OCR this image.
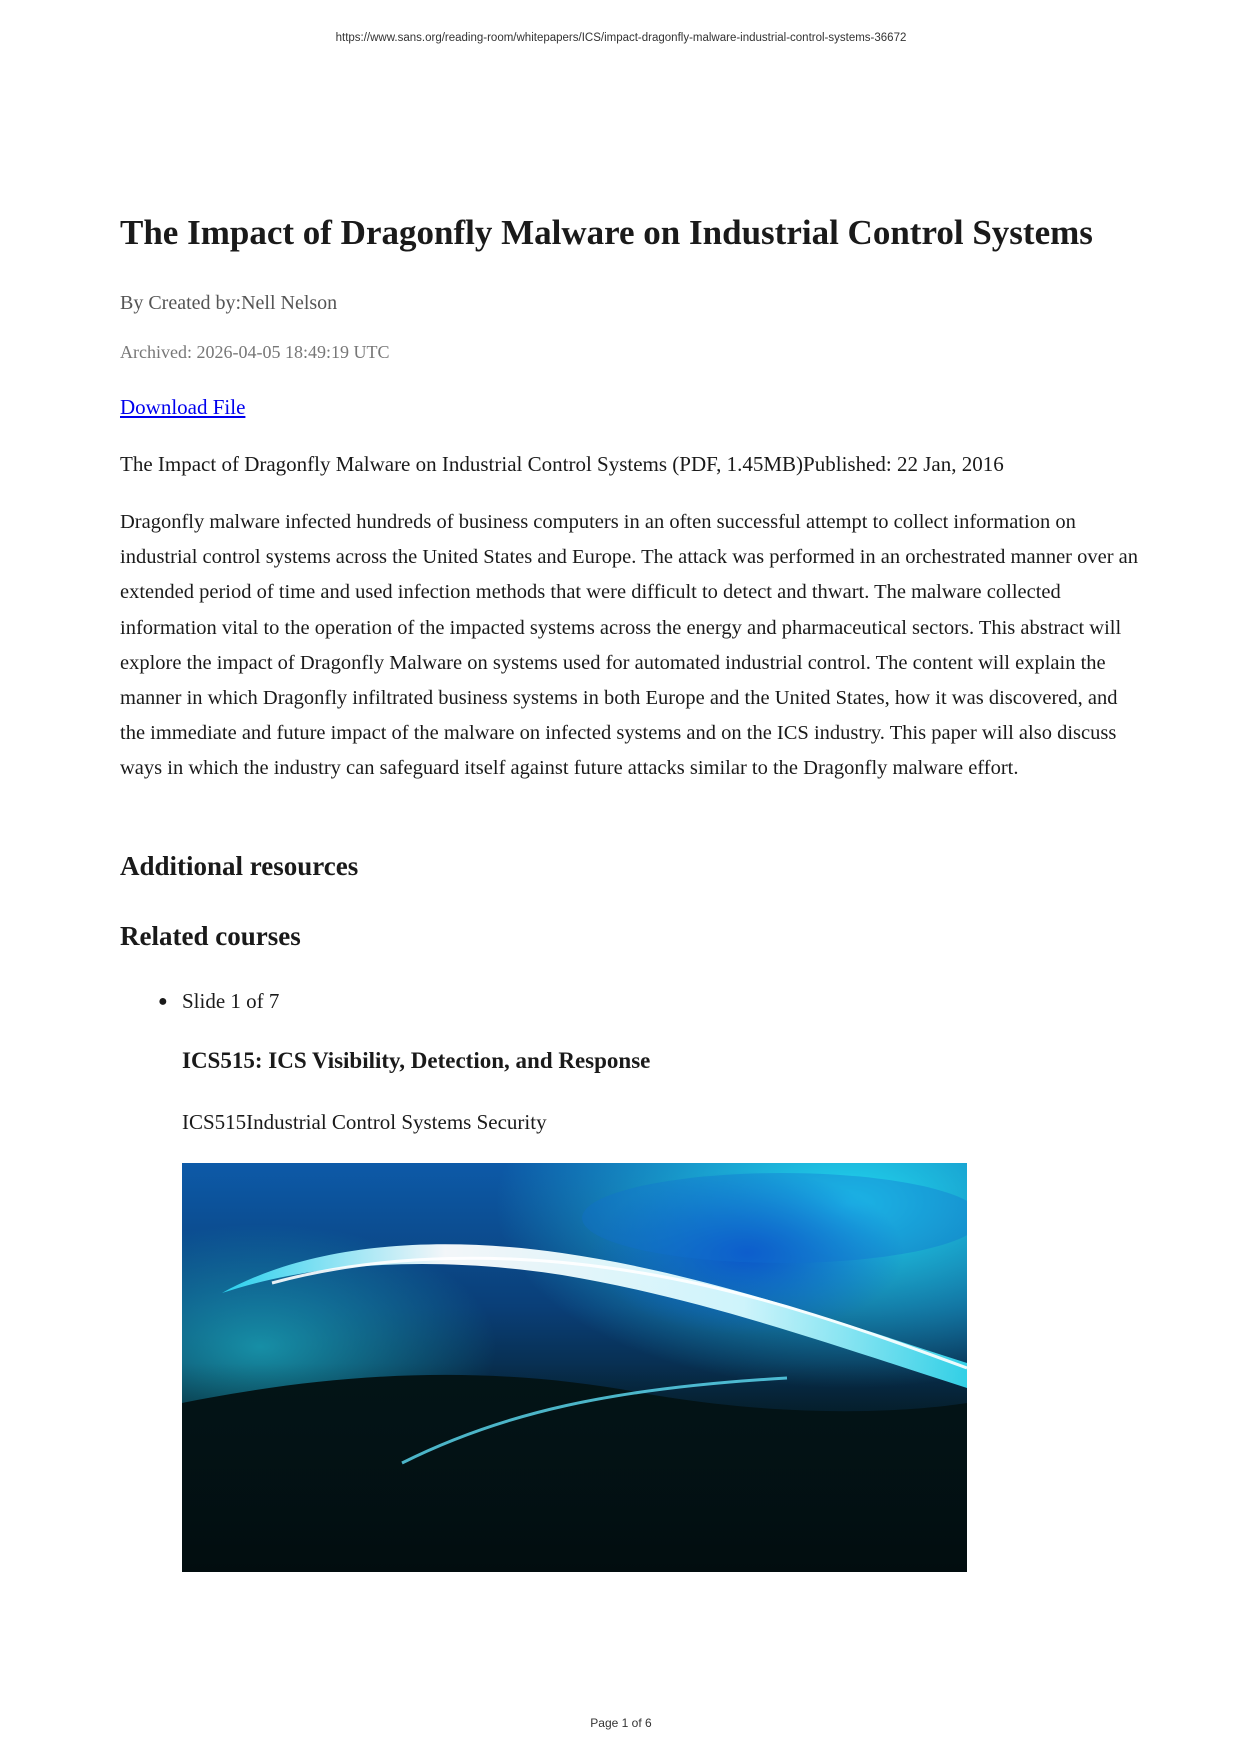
https://www.sans.org/reading-room/whitepapers/ICS/impact-dragonfly-malware-industrial-control-systems-36672
The Impact of Dragonfly Malware on Industrial Control Systems
By Created by:Nell Nelson
Archived: 2026-04-05 18:49:19 UTC
Download File
The Impact of Dragonfly Malware on Industrial Control Systems (PDF, 1.45MB)Published: 22 Jan, 2016

Dragonfly malware infected hundreds of business computers in an often successful attempt to collect information on industrial control systems across the United States and Europe. The attack was performed in an orchestrated manner over an extended period of time and used infection methods that were difficult to detect and thwart. The malware collected information vital to the operation of the impacted systems across the energy and pharmaceutical sectors. This abstract will explore the impact of Dragonfly Malware on systems used for automated industrial control. The content will explain the manner in which Dragonfly infiltrated business systems in both Europe and the United States, how it was discovered, and the immediate and future impact of the malware on infected systems and on the ICS industry. This paper will also discuss ways in which the industry can safeguard itself against future attacks similar to the Dragonfly malware effort.

Additional resources
Related courses
● Slide 1 of 7
ICS515: ICS Visibility, Detection, and Response
ICS515Industrial Control Systems Security
Page 1 of 6
